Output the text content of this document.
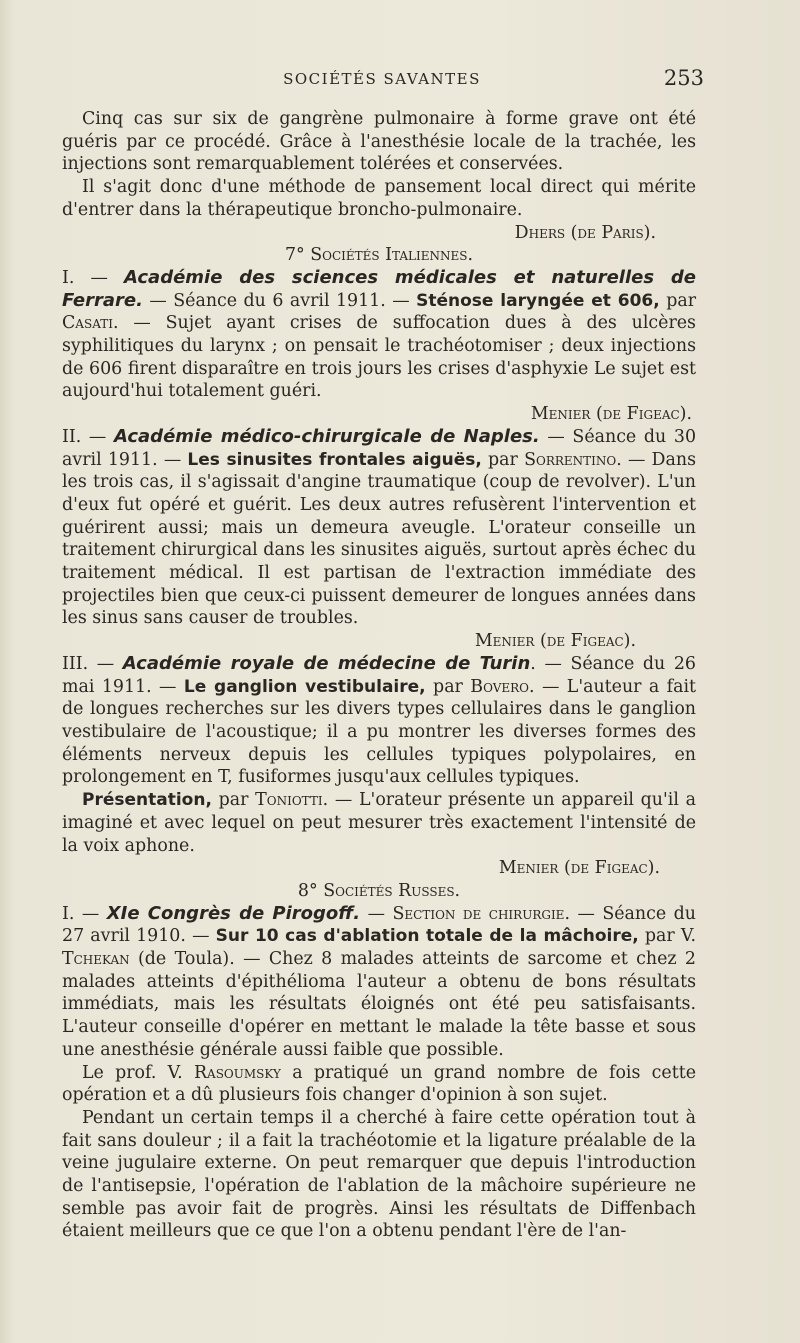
SOCIÉTÉS SAVANTES	253

Cinq cas sur six de gangrène pulmonaire à forme grave ont été guéris par ce procédé. Grâce à l'anesthésie locale de la trachée, les injections sont remarquablement tolérées et conservées.

Il s'agit donc d'une méthode de pansement local direct qui mérite d'entrer dans la thérapeutique broncho-pulmonaire.

Dhers (de Paris).

7° Sociétés Italiennes.

I. — Académie des sciences médicales et naturelles de Ferrare. — Séance du 6 avril 1911. — Sténose laryngée et 606, par Casati. — Sujet ayant crises de suffocation dues à des ulcères syphilitiques du larynx ; on pensait le trachéotomiser ; deux injections de 606 firent disparaître en trois jours les crises d'asphyxie Le sujet est aujourd'hui totalement guéri.

Menier (de Figeac).

II. — Académie médico-chirurgicale de Naples. — Séance du 30 avril 1911. — Les sinusites frontales aiguës, par Sorrentino. — Dans les trois cas, il s'agissait d'angine traumatique (coup de revolver). L'un d'eux fut opéré et guérit. Les deux autres refusèrent l'intervention et guérirent aussi; mais un demeura aveugle. L'orateur conseille un traitement chirurgical dans les sinusites aiguës, surtout après échec du traitement médical. Il est partisan de l'extraction immédiate des projectiles bien que ceux-ci puissent demeurer de longues années dans les sinus sans causer de troubles.

Menier (de Figeac).

III. — Académie royale de médecine de Turin. — Séance du 26 mai 1911. — Le ganglion vestibulaire, par Bovero. — L'auteur a fait de longues recherches sur les divers types cellulaires dans le ganglion vestibulaire de l'acoustique; il a pu montrer les diverses formes des éléments nerveux depuis les cellules typiques polypolaires, en prolongement en T, fusiformes jusqu'aux cellules typiques.

Présentation, par Toniotti. — L'orateur présente un appareil qu'il a imaginé et avec lequel on peut mesurer très exactement l'intensité de la voix aphone.

Menier (de Figeac).

8° Sociétés Russes.

I. — XIe Congrès de Pirogoff. — Section de chirurgie. — Séance du 27 avril 1910. — Sur 10 cas d'ablation totale de la mâchoire, par V. Tchekan (de Toula). — Chez 8 malades atteints de sarcome et chez 2 malades atteints d'épithélioma l'auteur a obtenu de bons résultats immédiats, mais les résultats éloignés ont été peu satisfaisants. L'auteur conseille d'opérer en mettant le malade la tête basse et sous une anesthésie générale aussi faible que possible.

Le prof. V. Rasoumsky a pratiqué un grand nombre de fois cette opération et a dû plusieurs fois changer d'opinion à son sujet.

Pendant un certain temps il a cherché à faire cette opération tout à fait sans douleur ; il a fait la trachéotomie et la ligature préalable de la veine jugulaire externe. On peut remarquer que depuis l'introduction de l'antisepsie, l'opération de l'ablation de la mâchoire supérieure ne semble pas avoir fait de progrès. Ainsi les résultats de Diffenbach étaient meilleurs que ce que l'on a obtenu pendant l'ère de l'an-
